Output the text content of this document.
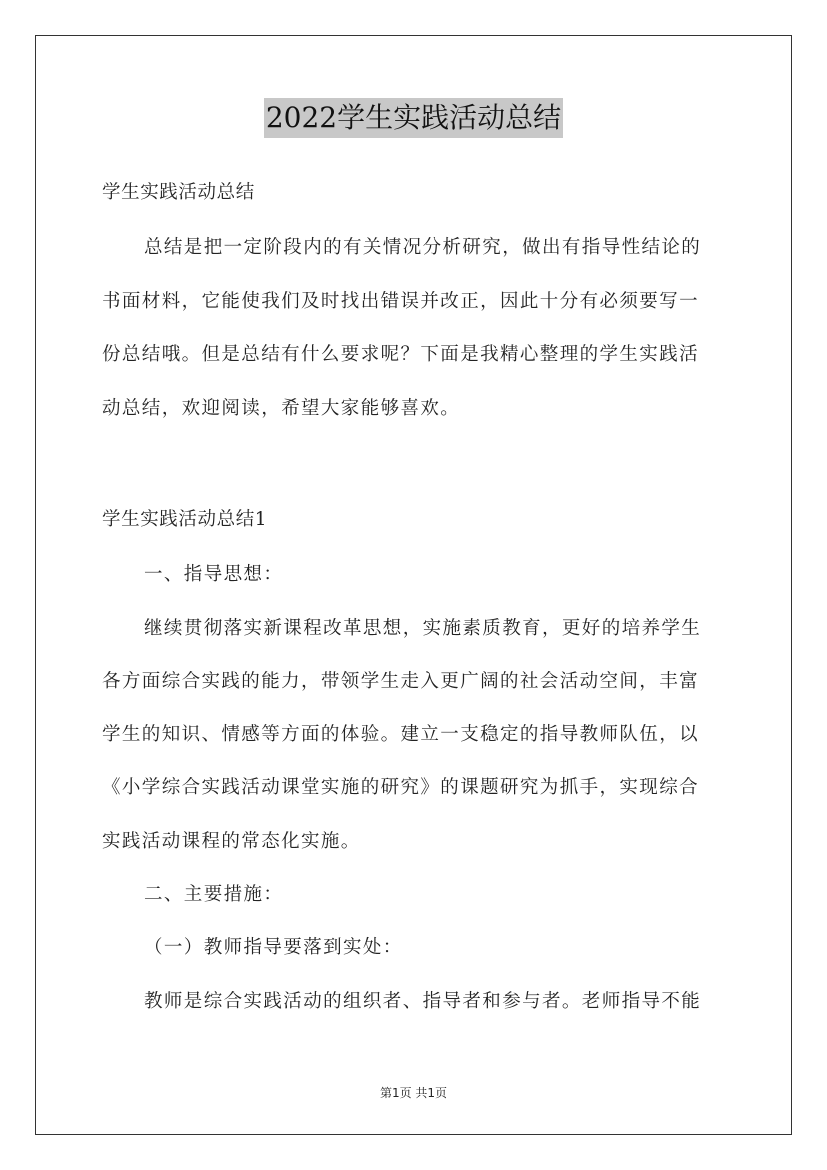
2022学生实践活动总结
学生实践活动总结
总结是把一定阶段内的有关情况分析研究，做出有指导性结论的
书面材料，它能使我们及时找出错误并改正，因此十分有必须要写一
份总结哦。但是总结有什么要求呢？下面是我精心整理的学生实践活
动总结，欢迎阅读，希望大家能够喜欢。
学生实践活动总结1
一、指导思想：
继续贯彻落实新课程改革思想，实施素质教育，更好的培养学生
各方面综合实践的能力，带领学生走入更广阔的社会活动空间，丰富
学生的知识、情感等方面的体验。建立一支稳定的指导教师队伍，以
《小学综合实践活动课堂实施的研究》的课题研究为抓手，实现综合
实践活动课程的常态化实施。
二、主要措施：
（一）教师指导要落到实处：
教师是综合实践活动的组织者、指导者和参与者。老师指导不能
第1页 共1页
